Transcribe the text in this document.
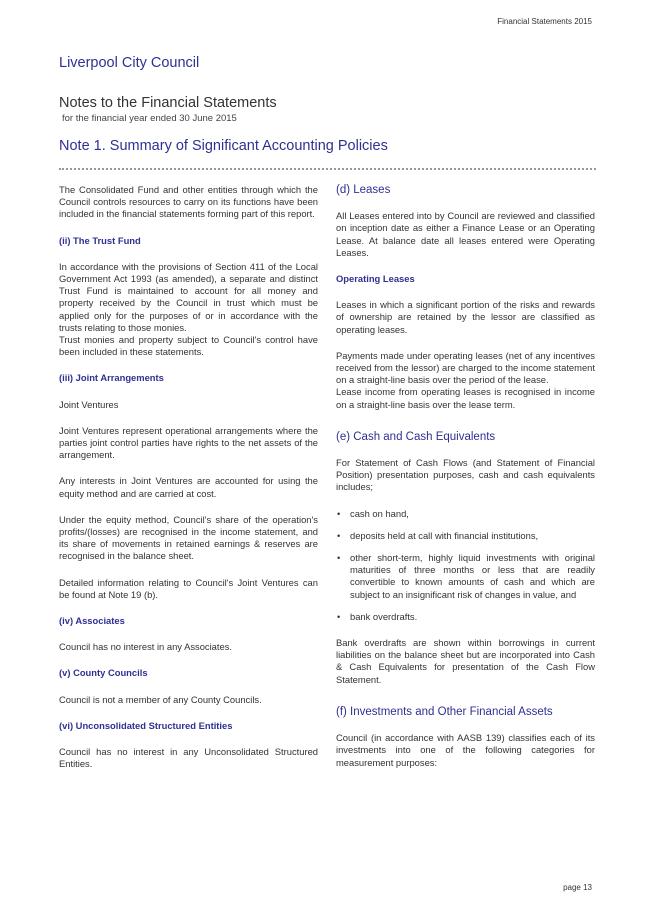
Financial Statements 2015
Liverpool City Council
Notes to the Financial Statements
for the financial year ended 30 June 2015
Note 1. Summary of Significant Accounting Policies

The Consolidated Fund and other entities through which the Council controls resources to carry on its functions have been included in the financial statements forming part of this report.

(ii) The Trust Fund

In accordance with the provisions of Section 411 of the Local Government Act 1993 (as amended), a separate and distinct Trust Fund is maintained to account for all money and property received by the Council in trust which must be applied only for the purposes of or in accordance with the trusts relating to those monies.

Trust monies and property subject to Council's control have been included in these statements.

(iii) Joint Arrangements

Joint Ventures

Joint Ventures represent operational arrangements where the parties joint control parties have rights to the net assets of the arrangement.

Any interests in Joint Ventures are accounted for using the equity method and are carried at cost.

Under the equity method, Council's share of the operation's profits/(losses) are recognised in the income statement, and its share of movements in retained earnings & reserves are recognised in the balance sheet.

Detailed information relating to Council's Joint Ventures can be found at Note 19 (b).

(iv) Associates

Council has no interest in any Associates.

(v) County Councils

Council is not a member of any County Councils.

(vi) Unconsolidated Structured Entities

Council has no interest in any Unconsolidated Structured Entities.

(d) Leases

All Leases entered into by Council are reviewed and classified on inception date as either a Finance Lease or an Operating Lease. At balance date all leases entered were Operating Leases.

Operating Leases

Leases in which a significant portion of the risks and rewards of ownership are retained by the lessor are classified as operating leases.

Payments made under operating leases (net of any incentives received from the lessor) are charged to the income statement on a straight-line basis over the period of the lease.

Lease income from operating leases is recognised in income on a straight-line basis over the lease term.

(e) Cash and Cash Equivalents

For Statement of Cash Flows (and Statement of Financial Position) presentation purposes, cash and cash equivalents includes;

• cash on hand,
• deposits held at call with financial institutions,
• other short-term, highly liquid investments with original maturities of three months or less that are readily convertible to known amounts of cash and which are subject to an insignificant risk of changes in value, and
• bank overdrafts.

Bank overdrafts are shown within borrowings in current liabilities on the balance sheet but are incorporated into Cash & Cash Equivalents for presentation of the Cash Flow Statement.

(f) Investments and Other Financial Assets

Council (in accordance with AASB 139) classifies each of its investments into one of the following categories for measurement purposes:

page 13
